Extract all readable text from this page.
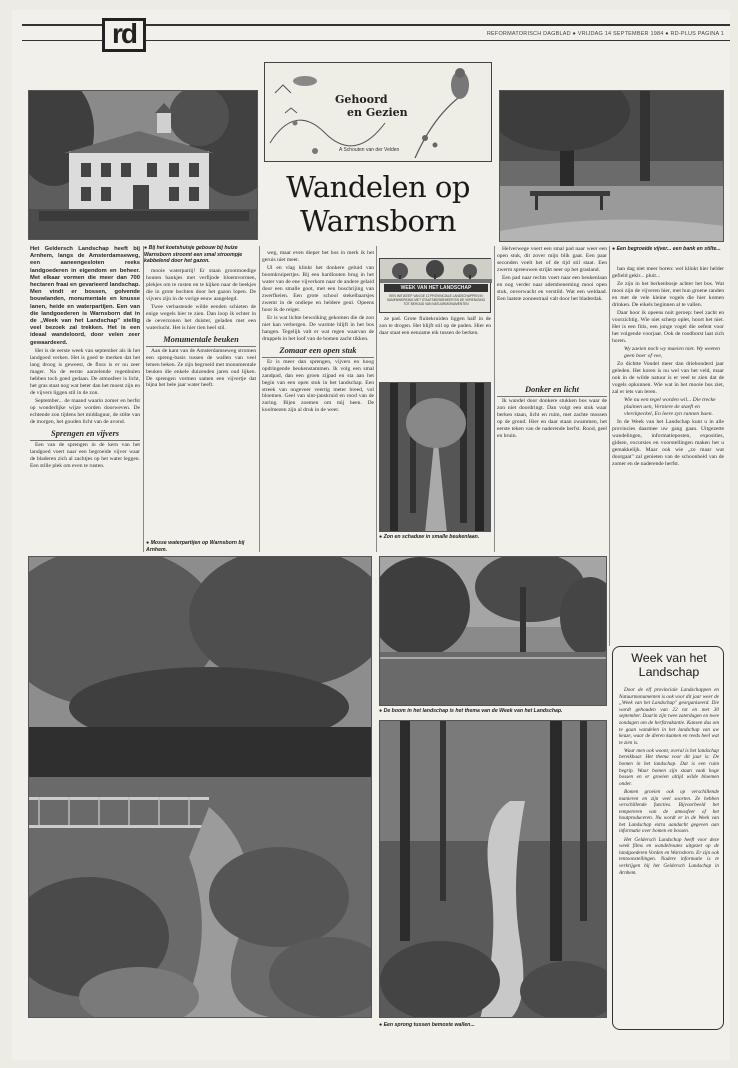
rd	REFORMATORISCH DAGBLAD ● VRIJDAG 14 SEPTEMBER 1984 ● RD-PLUS PAGINA 1
Gehoord
en Gezien
A Schouten van der Velden
Wandelen op
Warnsborn
● Bij het koetshuisje gebouw bij huize Warnsborn stroomt een smal stroompje kabbelend door het gazon.
● Een begroeide vijver... een bank en stilte...

Het Geldersch Landschap heeft bij Arnhem, langs de Amsterdamseweg, een aaneengesloten reeks landgoederen in eigendom en beheer. Met elkaar vormen die meer dan 700 hectaren fraai en gevarieerd landschap. Men vindt er bossen, golvende bouwlanden, monumentale en knusse lanen, heide en waterpartijen. Een van die landgoederen is Warnsborn dat in de „Week van het Landschap" stellig veel bezoek zal trekken. Het is een ideaal wandeloord, door velen zeer gewaardeerd.

Het is de eerste week van september als ik het landgoed verken. Het is goed te merken dat het lang droog is geweest, de flora is er nu zeer mager. Na de eerste aarzelende regenbuien hebben toch goed gedaan. De atmosfeer is licht, het gras staat nog wat beter dan het moest zijn en de vijvers liggen stil in de zon.

September... de maand waarin zomer en herfst op wonderlijke wijze worden doorweven. De echtende zon tijdens het middaguur, de stilte van de morgen, het gouden licht van de avond.

Sprengen en vijvers

Een van de sprengen in de kern van het landgoed voert naar een begroeide vijver waar de bladeren zich al zachtjes op het water leggen. Een stille plek om even te rusten.

mooie waterpartij! Er staan grootmoedige houten bankjes met verfijnde bloemvormen, plekjes om te rusten en te kijken naar de beekjes die in grote bochten door het gazon lopen. De vijvers zijn in de vorige eeuw aangelegd.

Twee verbastende wilde eenden schieten de enige wegels hier te zien. Dan loop ik echter in de oeverzonen het duister, geladen met een waterlucht. Het is hier tien heel stil.

Monumentale beuken

Aan de kant van de Amsterdamseweg stromen een spreng-basis tussen de wallen van veel lemen beken. Ze zijn begroeid met monumentale beuken die enkele duizenden jaren oud lijken. De sprengen vormen samen een vijvertje dat bijna het hele jaar water heeft.

● Mosse waterpartijen op Warnsborn bij Arnhem.

weg, maar even dieper het bos in merk ik het geruis niet meer.

Ul en vlag klinkt het donkere geluid van boomkruipertjes. Bij een hardlouten brug in het water van de ene vijverkom naar de andere gelaid door een smalle goot, met een boschrijing van zwerfkeien. Een grote school stekelbaarsjes zwemt in de ondiepe en heldere geul. Opeens hoor ik de reiger.

Er is wat lichte bewolking gekomen die de zon niet kan verbergen. De warmte blijft in het bos hangen. Tegelijk valt er wat regen waarvan de druppels in het loof van de bomen zacht tikken.

Zomaar een open stuk

Er is meer dan sprengen, vijvers en hoog opdringende beukenstammen. Ik volg een smal zandpad, dan een groen zijpad en sta aan het begin van een open stuk in het landschap. Een streek van ongeveer veertig meter breed, vol bloemen. Geel van sint-janskruid en rood van de zuring. Bijen zoemen om mij heen. De koolmezen zijn al druk in de weer.

WEEK VAN HET LANDSCHAP
EEN INITIATIEF VAN DE 12 PROVINCIALE LANDSCHAPPEN IN SAMENWERKING MET STAATSBOSBEHEER EN DE VERENIGING TOT BEHOUD VAN NATUURMONUMENTEN

ze pad. Grote fluitekruiden liggen half in de zon te drogen. Het blijft stil op de paden. Hier en daar staat een eenzame eik tussen de berken.

Helverwege voert een smal pad naar weer een open stuk, dit zover mijn blik gaat. Een paar seconden voelt het of de tijd stil staat. Een zwerm spreeuwen strijkt neer op het grasland.

Een pad naar rechts voert naar een beukenlaan en nog verder naar adembeneming mooi open stuk, onverwacht en verstild. Wat een weldaad. Een laatste zonnestraal valt door het bladerdak.

● Zon en schaduw in smalle beukenlaan.

Donker en licht

Ik wandel door donkere stukken bos waar de zon niet doordringt. Dan volgt een stuk waar berken staan, licht en ruim, met zachte mossen op de grond. Hier en daar staan zwammen, het eerste teken van de naderende herfst. Rood, geel en bruin.

han dag niet meer horen: wel klinkt hier helder gefield gekir... pluit...

Ze zijn in het berkenbosje achter het bos. Wat mooi zijn de vijveren hier, met hun groene randen en met de vele kleine vogels die hier komen drinken. De eikels beginnen al te vallen.

Daar hoor ik opeens nuit geroep: heel zacht en voorzichtig. Wie niet scherp oplet, hoort het niet. Het is een fitis, een jonge vogel die oefent voor het volgende voorjaar. Ook de roodborst laat zich horen.

Wy zaeien noch wy maeien niet. Wy weeten geen boer of vee,

Zo dichtte Vondel meer dan driehonderd jaar geleden. Het koren is nu wel van het veld, maar ook in de wilde natuur is er veel te zien dat de vogels opkunnen. Wie wat in het mooie bos ziet, zal er iets van leren.

Wie nu een tegel worden wil... Die trecke pluimen aen, Verniere de staeft en vlerckpeckel, En leere zyn runnen baen.

In de Week van het Landschap kunt u in alle provincies daarmee uw gang gaan. Uitgezette wandelingen, informatieposten, exposities, gidsen, excursies en voorstellingen maken het u gemakkelijk. Maar ook wie „zo maar wat doorgaat" zal genieten van de schoonheid van de zomer en de naderende herfst.

● De boom in het landschap is het thema van de Week van het Landschap.
● Een sprong tussen bemoste wallen...
Week van het
Landschap

Door de elf provinciale Landschappen en Natuurmonumenten is ook voor dit jaar weer de „Week van het Landschap" georganiseerd. Die wordt gehouden van 22 tot en met 30 september. Daarin zijn twee zaterdagen en twee zondagen om de herfstvakantie. Kansen dus om te gaan wandelen in het landschap van uw keuze, waar de dieren kunnen en reeds heel wat te zien is.

Waar men ook woont, overal is het landschap bereikbaar. Het thema voor dit jaar is: De bomen in het landschap. Dat is een ruim begrip. Waar bomen zijn staan vaak hoge bossen en er groeien altijd wilde bloemen onder.

Bomen groeien ook op verschillende manieren en zijn veel soorten. Ze hebben verschillende functies. Bijvoorbeeld het tempereren van de atmosfeer of het houtproduceren. Nu wordt er in de Week van het Landschap extra aandacht gegeven aan informatie over bomen en bossen.

Het Geldersch Landschap heeft voor deze week films en wandelroutes uitgezet op de landgoederen Vorden en Warnsborn. Er zijn ook tentoonstellingen. Nadere informatie is te verkrijgen bij het Geldersch Landschap in Arnhem.
